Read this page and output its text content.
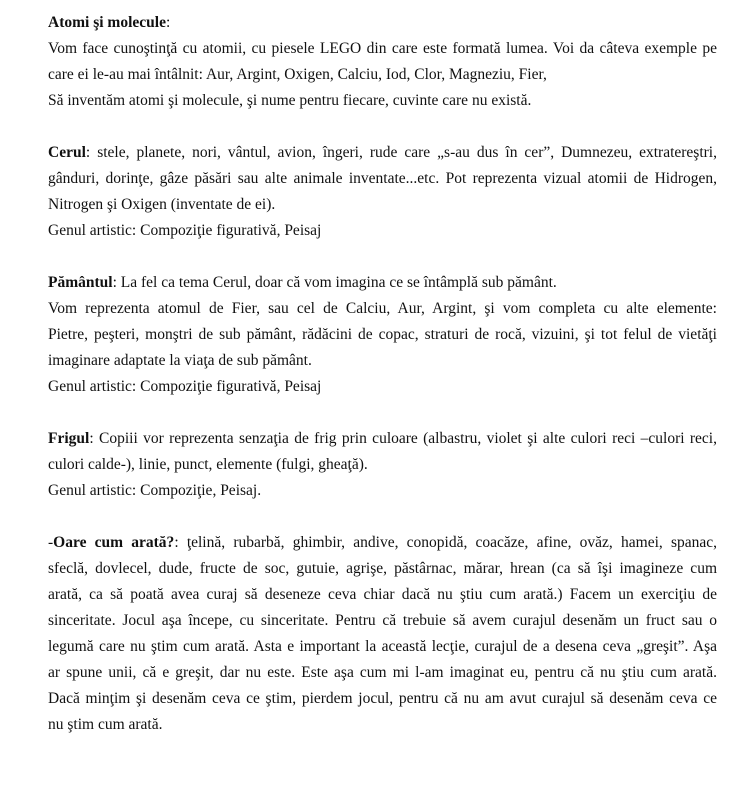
Atomi şi molecule:
Vom face cunoştinţă cu atomii, cu piesele LEGO din care este formată lumea. Voi da câteva exemple pe
care ei le-au mai întâlnit: Aur, Argint, Oxigen, Calciu, Iod, Clor, Magneziu, Fier,
Să inventăm atomi şi molecule, şi nume pentru fiecare, cuvinte care nu există.
Cerul: stele, planete, nori, vântul, avion, îngeri, rude care „s-au dus în cer”, Dumnezeu, extratereştri,
gânduri, dorinţe, gâze păsări sau alte animale inventate...etc. Pot reprezenta vizual atomii de Hidrogen,
Nitrogen şi Oxigen (inventate de ei).
Genul artistic: Compoziţie figurativă, Peisaj
Pământul: La fel ca tema Cerul, doar că vom imagina ce se întâmplă sub pământ.
Vom reprezenta atomul de Fier, sau cel de Calciu, Aur, Argint, şi vom completa cu alte elemente:
Pietre, peşteri, monştri de sub pământ, rădăcini de copac, straturi de rocă, vizuini, şi tot felul de vietăţi
imaginare adaptate la viaţa de sub pământ.
Genul artistic: Compoziţie figurativă, Peisaj
Frigul: Copiii vor reprezenta senzaţia de frig prin culoare (albastru, violet şi alte culori reci –culori reci,
culori calde-), linie, punct, elemente (fulgi, gheaţă).
Genul artistic: Compoziţie, Peisaj.
-Oare cum arată?: ţelină, rubarbă, ghimbir, andive, conopidă, coacăze, afine, ovăz, hamei, spanac,
sfeclă, dovlecel, dude, fructe de soc, gutuie, agrişe, păstârnac, mărar, hrean (ca să îşi imagineze cum
arată, ca să poată avea curaj să deseneze ceva chiar dacă nu ştiu cum arată.) Facem un exerciţiu de
sinceritate. Jocul aşa începe, cu sinceritate. Pentru că trebuie să avem curajul desenăm un fruct sau o
legumă care nu ştim cum arată. Asta e important la această lecţie, curajul de a desena ceva „greşit”. Aşa
ar spune unii, că e greşit, dar nu este. Este aşa cum mi l-am imaginat eu, pentru că nu ştiu cum arată.
Dacă minţim şi desenăm ceva ce ştim, pierdem jocul, pentru că nu am avut curajul să desenăm ceva ce
nu ştim cum arată.
